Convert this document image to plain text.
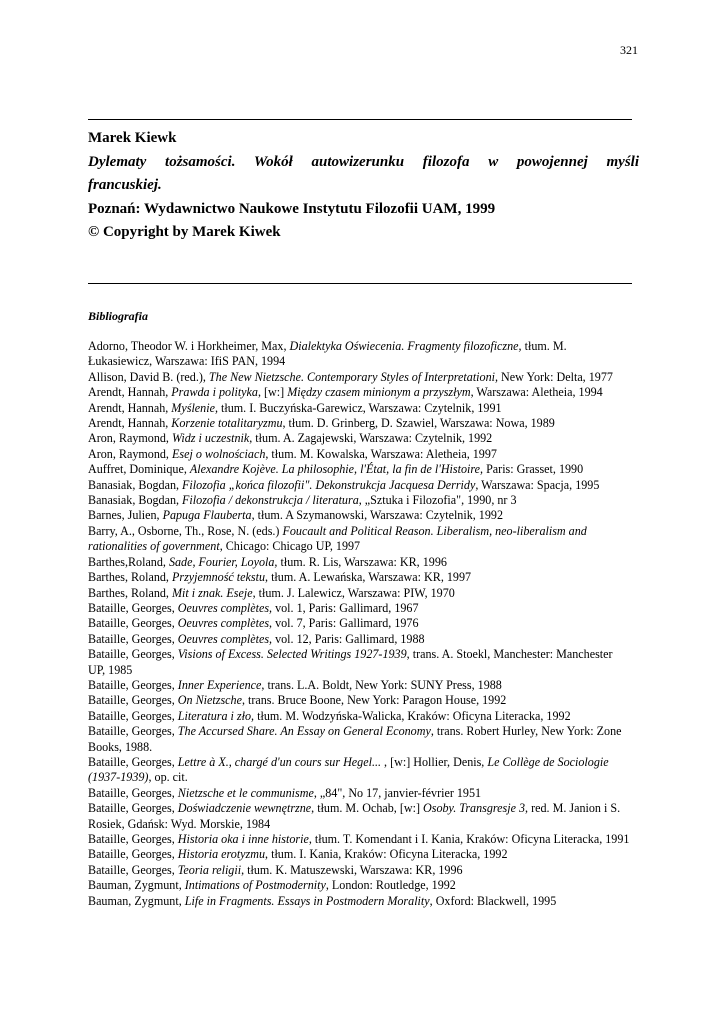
321
Marek Kiewk
Dylematy tożsamości. Wokół autowizerunku filozofa w powojennej myśli
francuskiej.
Poznań: Wydawnictwo Naukowe Instytutu Filozofii UAM, 1999
© Copyright by Marek Kiwek
Bibliografia
Adorno, Theodor W. i Horkheimer, Max, Dialektyka Oświecenia. Fragmenty filozoficzne, tłum. M.
Łukasiewicz, Warszawa: IfiS PAN, 1994
Allison, David B. (red.), The New Nietzsche. Contemporary Styles of Interpretationi, New York: Delta, 1977
Arendt, Hannah, Prawda i polityka, [w:] Między czasem minionym a przyszłym, Warszawa: Aletheia, 1994
Arendt, Hannah, Myślenie, tłum. I. Buczyńska-Garewicz, Warszawa: Czytelnik, 1991
Arendt, Hannah, Korzenie totalitaryzmu, tłum. D. Grinberg, D. Szawiel, Warszawa: Nowa, 1989
Aron, Raymond, Widz i uczestnik, tłum. A. Zagajewski, Warszawa: Czytelnik, 1992
Aron, Raymond, Esej o wolnościach, tłum. M. Kowalska, Warszawa: Aletheia, 1997
Auffret, Dominique, Alexandre Kojève. La philosophie, l'État, la fin de l'Histoire, Paris: Grasset, 1990
Banasiak, Bogdan, Filozofia „końca filozofii". Dekonstrukcja Jacquesa Derridy, Warszawa: Spacja, 1995
Banasiak, Bogdan, Filozofia / dekonstrukcja / literatura, „Sztuka i Filozofia", 1990, nr 3
Barnes, Julien, Papuga Flauberta, tłum. A Szymanowski, Warszawa: Czytelnik, 1992
Barry, A., Osborne, Th., Rose, N. (eds.) Foucault and Political Reason. Liberalism, neo-liberalism and
rationalities of government, Chicago: Chicago UP, 1997
Barthes,Roland, Sade, Fourier, Loyola, tłum. R. Lis, Warszawa: KR, 1996
Barthes, Roland, Przyjemność tekstu, tłum. A. Lewańska, Warszawa: KR, 1997
Barthes, Roland, Mit i znak. Eseje, tłum. J. Lalewicz, Warszawa: PIW, 1970
Bataille, Georges, Oeuvres complètes, vol. 1, Paris: Gallimard, 1967
Bataille, Georges, Oeuvres complètes, vol. 7, Paris: Gallimard, 1976
Bataille, Georges, Oeuvres complètes, vol. 12, Paris: Gallimard, 1988
Bataille, Georges, Visions of Excess. Selected Writings 1927-1939, trans. A. Stoekl, Manchester: Manchester
UP, 1985
Bataille, Georges, Inner Experience, trans. L.A. Boldt, New York: SUNY Press, 1988
Bataille, Georges, On Nietzsche, trans. Bruce Boone, New York: Paragon House, 1992
Bataille, Georges, Literatura i zło, tłum. M. Wodzyńska-Walicka, Kraków: Oficyna Literacka, 1992
Bataille, Georges, The Accursed Share. An Essay on General Economy, trans. Robert Hurley, New York: Zone
Books, 1988.
Bataille, Georges, Lettre à X., chargé d'un cours sur Hegel... , [w:] Hollier, Denis, Le Collège de Sociologie
(1937-1939), op. cit.
Bataille, Georges, Nietzsche et le communisme, „84", No 17, janvier-février 1951
Bataille, Georges, Doświadczenie wewnętrzne, tłum. M. Ochab, [w:] Osoby. Transgresje 3, red. M. Janion i S.
Rosiek, Gdańsk: Wyd. Morskie, 1984
Bataille, Georges, Historia oka i inne historie, tłum. T. Komendant i I. Kania, Kraków: Oficyna Literacka, 1991
Bataille, Georges, Historia erotyzmu, tłum. I. Kania, Kraków: Oficyna Literacka, 1992
Bataille, Georges, Teoria religii, tłum. K. Matuszewski, Warszawa: KR, 1996
Bauman, Zygmunt, Intimations of Postmodernity, London: Routledge, 1992
Bauman, Zygmunt, Life in Fragments. Essays in Postmodern Morality, Oxford: Blackwell, 1995
